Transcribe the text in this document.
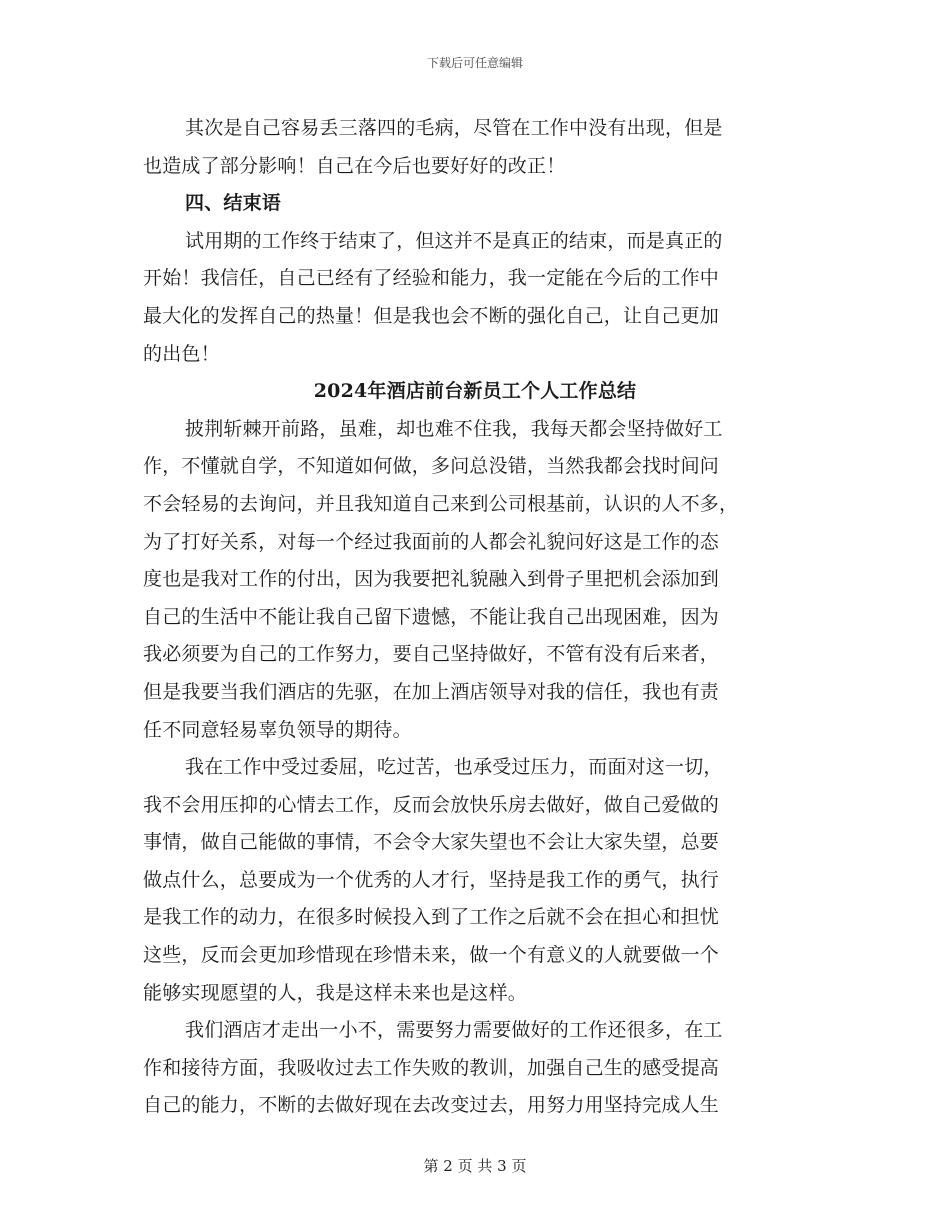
下载后可任意编辑
其次是自己容易丢三落四的毛病，尽管在工作中没有出现，但是
也造成了部分影响！自己在今后也要好好的改正！
四、结束语
试用期的工作终于结束了，但这并不是真正的结束，而是真正的
开始！我信任，自己已经有了经验和能力，我一定能在今后的工作中
最大化的发挥自己的热量！但是我也会不断的强化自己，让自己更加
的出色！
2024年酒店前台新员工个人工作总结
披荆斩棘开前路，虽难，却也难不住我，我每天都会坚持做好工
作，不懂就自学，不知道如何做，多问总没错，当然我都会找时间问
不会轻易的去询问，并且我知道自己来到公司根基前，认识的人不多，
为了打好关系，对每一个经过我面前的人都会礼貌问好这是工作的态
度也是我对工作的付出，因为我要把礼貌融入到骨子里把机会添加到
自己的生活中不能让我自己留下遗憾，不能让我自己出现困难，因为
我必须要为自己的工作努力，要自己坚持做好，不管有没有后来者，
但是我要当我们酒店的先驱，在加上酒店领导对我的信任，我也有责
任不同意轻易辜负领导的期待。
我在工作中受过委屈，吃过苦，也承受过压力，而面对这一切，
我不会用压抑的心情去工作，反而会放快乐房去做好，做自己爱做的
事情，做自己能做的事情，不会令大家失望也不会让大家失望，总要
做点什么，总要成为一个优秀的人才行，坚持是我工作的勇气，执行
是我工作的动力，在很多时候投入到了工作之后就不会在担心和担忧
这些，反而会更加珍惜现在珍惜未来，做一个有意义的人就要做一个
能够实现愿望的人，我是这样未来也是这样。
我们酒店才走出一小不，需要努力需要做好的工作还很多，在工
作和接待方面，我吸收过去工作失败的教训，加强自己生的感受提高
自己的能力，不断的去做好现在去改变过去，用努力用坚持完成人生
第 2 页 共 3 页
